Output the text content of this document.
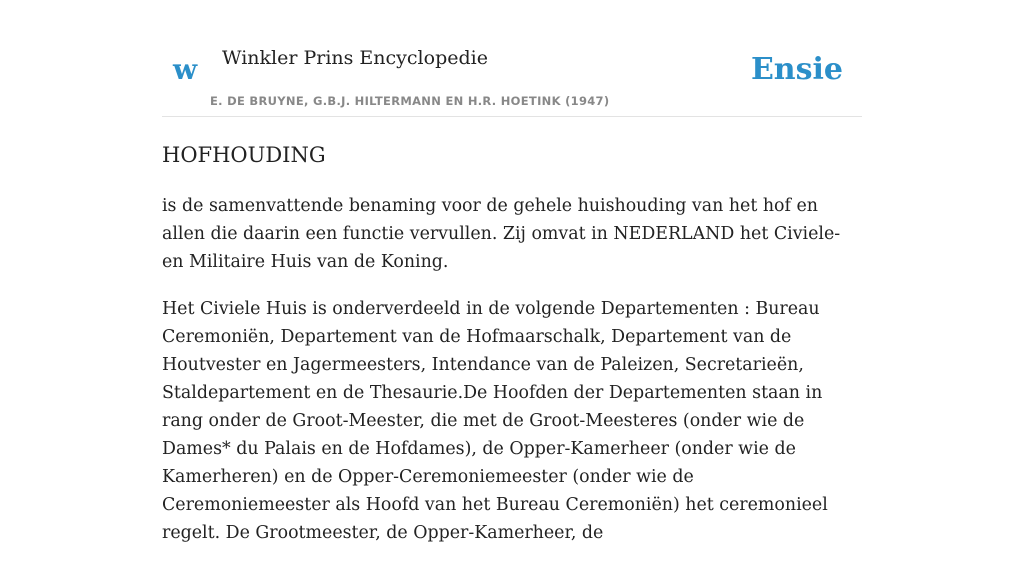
w Winkler Prins Encyclopedie
E. DE BRUYNE, G.B.J. HILTERMANN EN H.R. HOETINK (1947)
Ensie
HOFHOUDING

is de samenvattende benaming voor de gehele huishouding van het hof en allen die daarin een functie vervullen. Zij omvat in NEDERLAND het Civiele- en Militaire Huis van de Koning.

Het Civiele Huis is onderverdeeld in de volgende Departementen : Bureau Ceremoniën, Departement van de Hofmaarschalk, Departement van de Houtvester en Jagermeesters, Intendance van de Paleizen, Secretarieën, Staldepartement en de Thesaurie.De Hoofden der Departementen staan in rang onder de Groot-Meester, die met de Groot-Meesteres (onder wie de Dames* du Palais en de Hofdames), de Opper-Kamerheer (onder wie de Kamerheren) en de Opper-Ceremoniemeester (onder wie de Ceremoniemeester als Hoofd van het Bureau Ceremoniën) het ceremonieel regelt. De Grootmeester, de Opper-Kamerheer, de
